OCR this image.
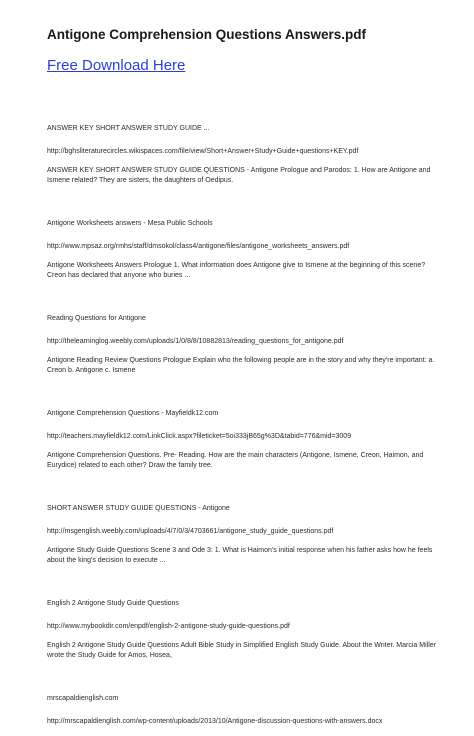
Antigone Comprehension Questions Answers.pdf
Free Download Here

ANSWER KEY SHORT ANSWER STUDY GUIDE ...

http://bghsliteraturecircles.wikispaces.com/file/view/Short+Answer+Study+Guide+questions+KEY.pdf

ANSWER KEY SHORT ANSWER STUDY GUIDE QUESTIONS - Antigone Prologue and Parodos: 1. How are Antigone and Ismene related? They are sisters, the daughters of Oedipus.

Antigone Worksheets answers - Mesa Public Schools

http://www.mpsaz.org/rmhs/staff/dmsokol/class4/antigone/files/antigone_worksheets_answers.pdf

Antigone Worksheets Answers Prologue 1. What information does Antigone give to Ismene at the beginning of this scene? Creon has declared that anyone who buries ...

Reading Questions for Antigone

http://thelearninglog.weebly.com/uploads/1/0/8/8/10882813/reading_questions_for_antigone.pdf

Antigone Reading Review Questions Prologue Explain who the following people are in the story and why they're important: a. Creon b. Antigone c. Ismene

Antigone Comprehension Questions - Mayfieldk12.com

http://teachers.mayfieldk12.com/LinkClick.aspx?fileticket=5oi333jB65g%3D&tabid=776&mid=3009

Antigone Comprehension Questions. Pre- Reading. How are the main characters (Antigone, Ismene, Creon, Haimon, and Eurydice) related to each other? Draw the family tree.

SHORT ANSWER STUDY GUIDE QUESTIONS - Antigone

http://msgenglish.weebly.com/uploads/4/7/0/3/4703661/antigone_study_guide_questions.pdf

Antigone Study Guide Questions Scene 3 and Ode 3: 1. What is Haimon's initial response when his father asks how he feels about the king's decision to execute ...

English 2 Antigone Study Guide Questions

http://www.mybookdir.com/enpdf/english-2-antigone-study-guide-questions.pdf

English 2 Antigone Study Guide Questions Adult Bible Study in Simplified English Study Guide. About the Writer. Marcia Miller wrote the Study Guide for Amos, Hosea,

mrscapaldienglish.com

http://mrscapaldienglish.com/wp-content/uploads/2013/10/Antigone-discussion-questions-with-answers.docx
